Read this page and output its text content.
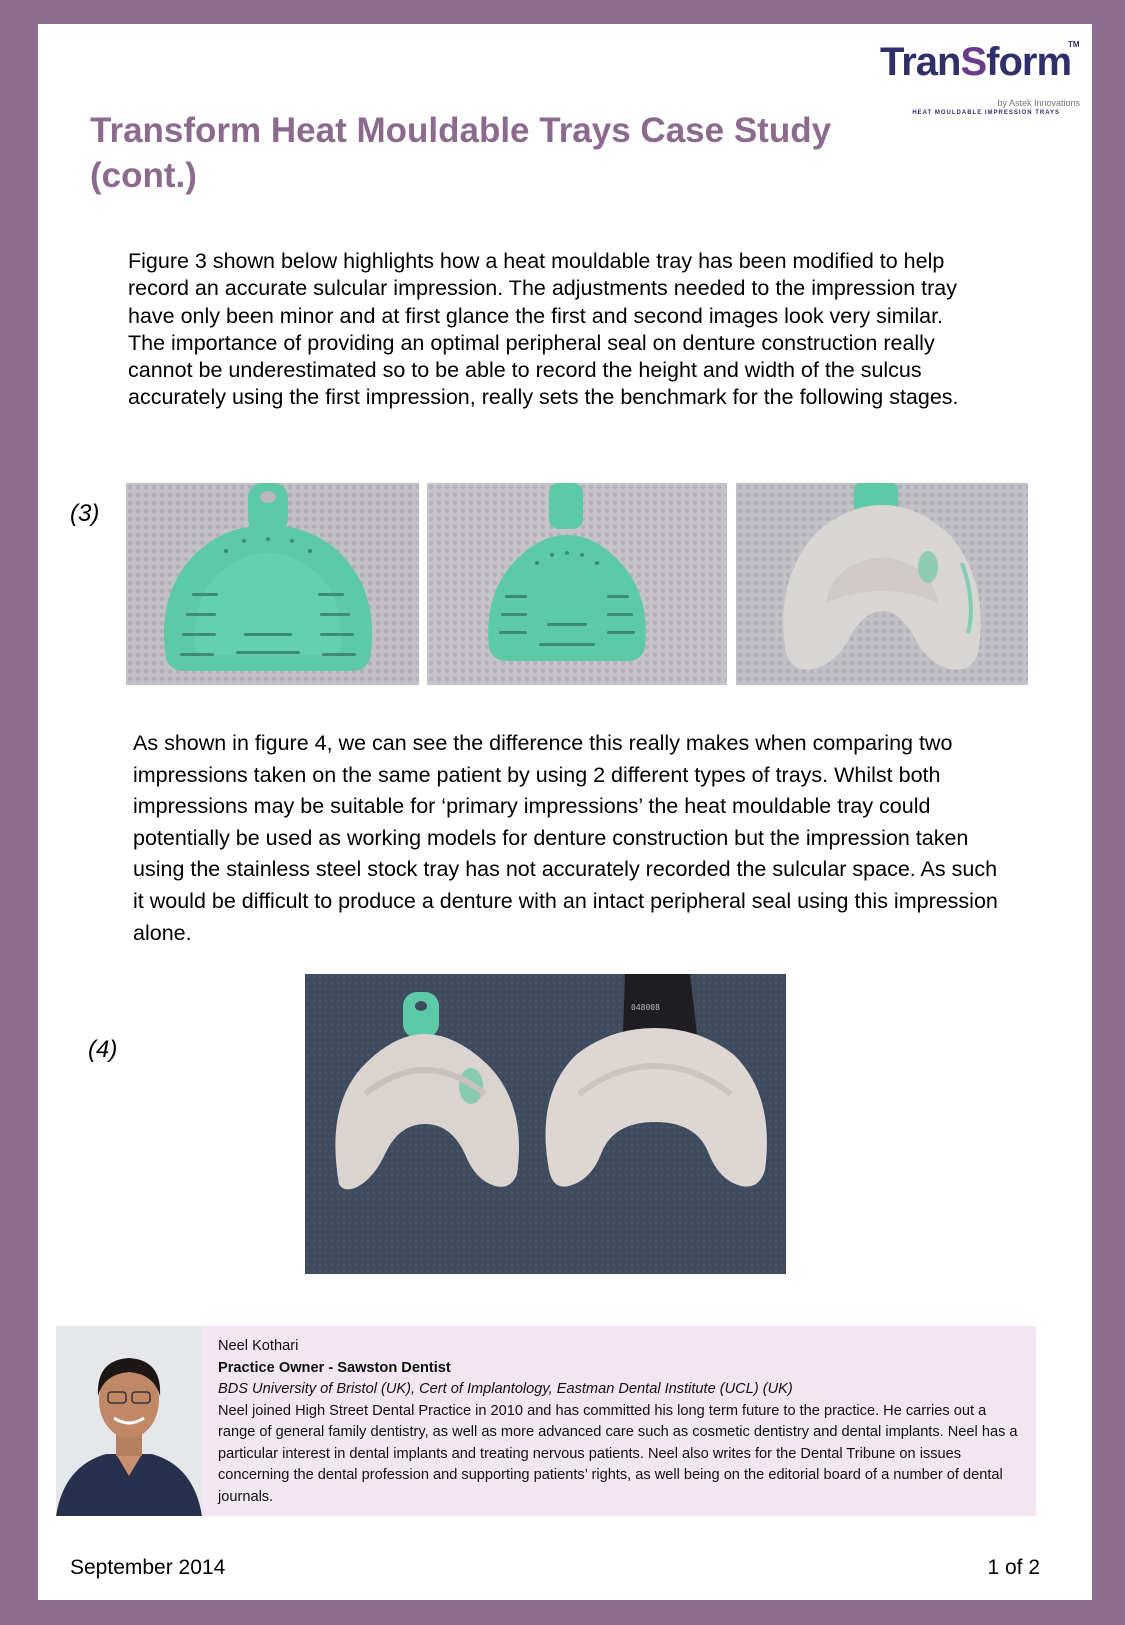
TranSform
TM
by Astek Innovations
HEAT MOULDABLE IMPRESSION TRAYS
Transform Heat Mouldable Trays Case Study (cont.)

Figure 3 shown below highlights how a heat mouldable tray has been modified to help record an accurate sulcular impression. The adjustments needed to the impression tray have only been minor and at first glance the first and second images look very similar. The importance of providing an optimal peripheral seal on denture construction really cannot be underestimated so to be able to record the height and width of the sulcus accurately using the first impression, really sets the benchmark for the following stages.

(3)

As shown in figure 4, we can see the difference this really makes when comparing two impressions taken on the same patient by using 2 different types of trays. Whilst both impressions may be suitable for ‘primary impressions’ the heat mouldable tray could potentially be used as working models for denture construction but the impression taken using the stainless steel stock tray has not accurately recorded the sulcular space. As such it would be difficult to produce a denture with an intact peripheral seal using this impression alone.

(4)
048008
Neel Kothari
Practice Owner - Sawston Dentist
BDS University of Bristol (UK), Cert of Implantology, Eastman Dental Institute (UCL) (UK)
Neel joined High Street Dental Practice in 2010 and has committed his long term future to the practice. He carries out a range of general family dentistry, as well as more advanced care such as cosmetic dentistry and dental implants. Neel has a particular interest in dental implants and treating nervous patients. Neel also writes for the Dental Tribune on issues concerning the dental profession and supporting patients’ rights, as well being on the editorial board of a number of dental journals.
September 2014	1 of 2
